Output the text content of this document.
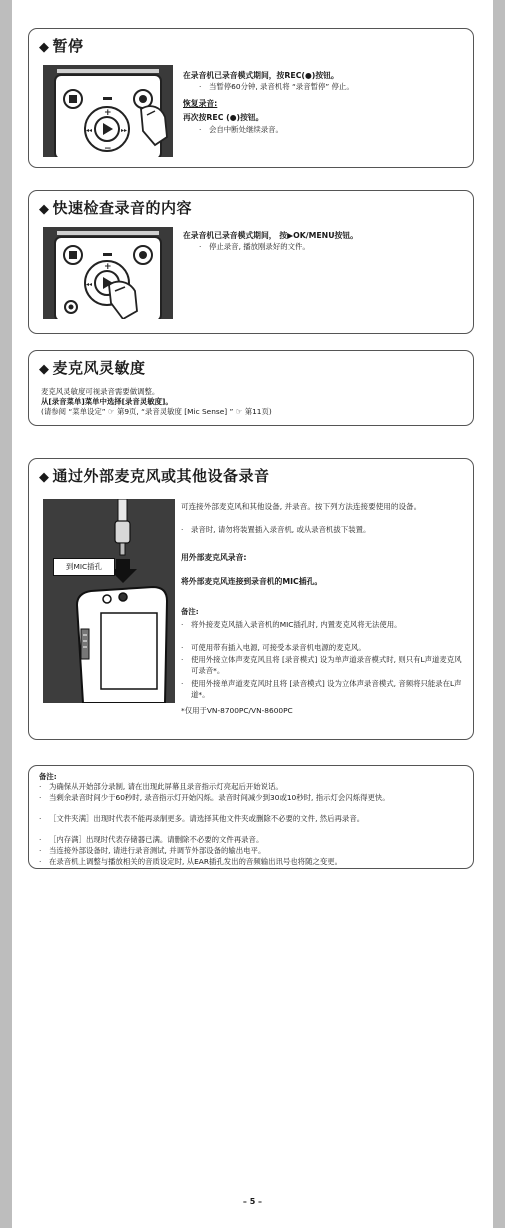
◆ 暂停
+
−
◂◂	▸▸
在录音机已录音模式期间，按REC(●)按钮。
·	当暂停60分钟, 录音机将 “录音暂停” 停止。
恢复录音:
再次按REC (●)按钮。
·	会自中断处继续录音。
◆ 快速检查录音的内容
+
◂◂
在录音机已录音模式期间， 按▶OK/MENU按钮。
·	停止录音, 播放刚录好的文件。
◆ 麦克风灵敏度
麦克风灵敏度可视录音需要做调整。
从[录音菜单]菜单中选择[录音灵敏度]。
(请参阅 “菜单设定” ☞ 第9页, “录音灵敏度 [Mic Sense] ” ☞ 第11页)
◆ 通过外部麦克风或其他设备录音
到MIC插孔
可连接外部麦克风和其他设备, 并录音。按下列方法连接要使用的设备。
·	录音时, 请勿将装置插入录音机, 或从录音机拔下装置。
用外部麦克风录音:
将外部麦克风连接到录音机的MIC插孔。
备注:
·	将外接麦克风插入录音机的MIC插孔时, 内置麦克风将无法使用。
·	可使用带有插入电源, 可接受本录音机电源的麦克风。
·	使用外接立体声麦克风且将 [录音模式] 设为单声道录音模式时, 则只有L声道麦克风可录音*。
·	使用外接单声道麦克风时且将 [录音模式] 设为立体声录音模式, 音频将只能录在L声道*。
*仅用于VN-8700PC/VN-8600PC
备注:
·	为确保从开始部分录制, 请在出现此屏幕且录音指示灯亮起后开始说话。
·	当剩余录音时间少于60秒时, 录音指示灯开始闪烁。录音时间减少到30或10秒时, 指示灯会闪烁得更快。
·	［文件夹满］出现时代表不能再录制更多。请选择其他文件夹或删除不必要的文件, 然后再录音。
·	［内存满］出现时代表存储器已满。请删除不必要的文件再录音。
·	当连接外部设备时, 请进行录音测试, 并调节外部设备的输出电平。
·	在录音机上调整与播放相关的音质设定时, 从EAR插孔发出的音频输出讯号也将随之变更。
– 5 –
